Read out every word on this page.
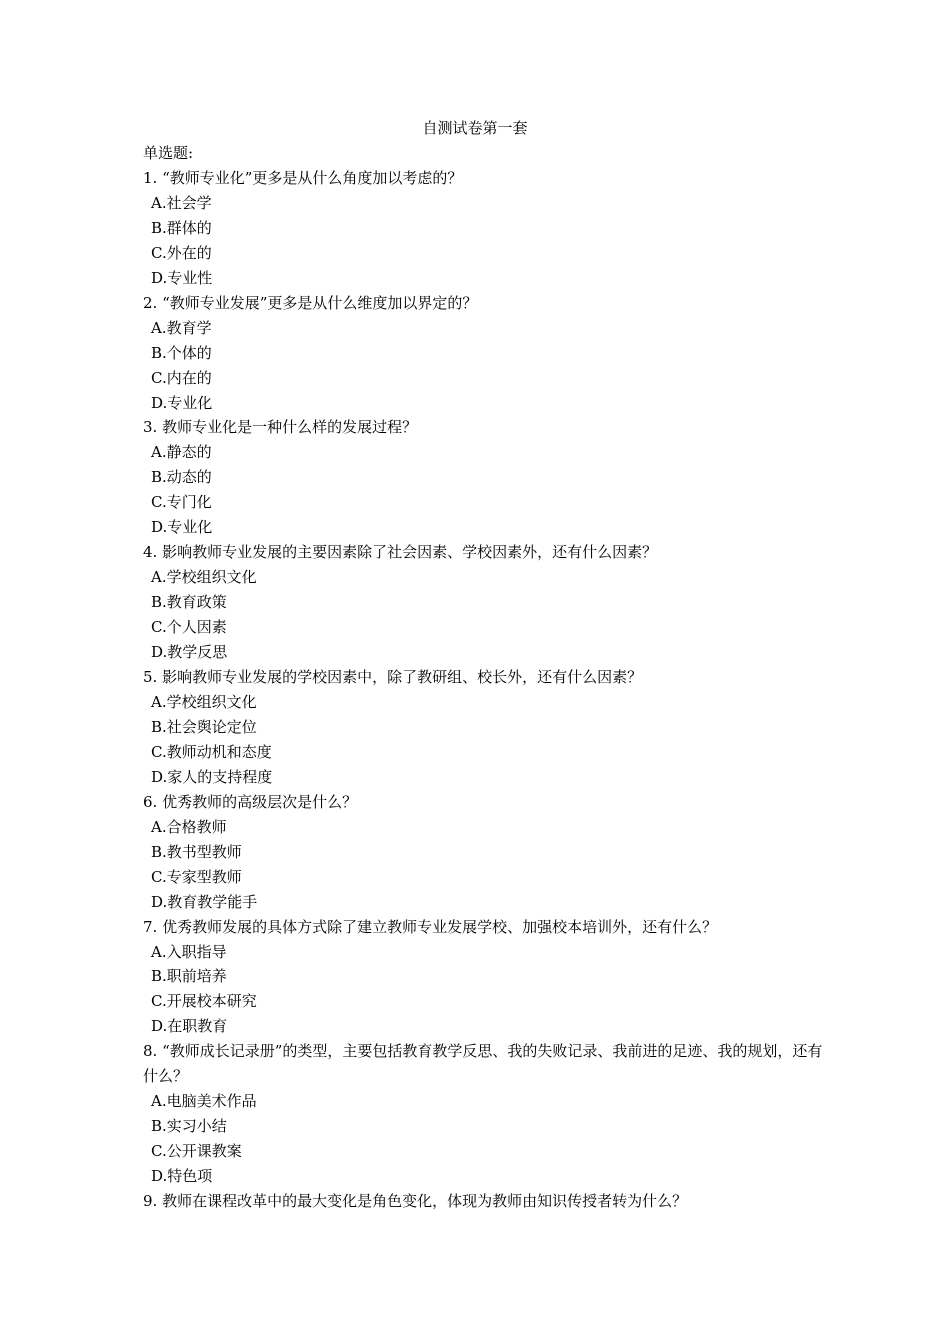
自测试卷第一套
单选题:
1. “教师专业化”更多是从什么角度加以考虑的？
A.社会学
B.群体的
C.外在的
D.专业性
2. “教师专业发展”更多是从什么维度加以界定的？
A.教育学
B.个体的
C.内在的
D.专业化
3. 教师专业化是一种什么样的发展过程？
A.静态的
B.动态的
C.专门化
D.专业化
4. 影响教师专业发展的主要因素除了社会因素、学校因素外，还有什么因素？
A.学校组织文化
B.教育政策
C.个人因素
D.教学反思
5. 影响教师专业发展的学校因素中，除了教研组、校长外，还有什么因素？
A.学校组织文化
B.社会舆论定位
C.教师动机和态度
D.家人的支持程度
6. 优秀教师的高级层次是什么？
A.合格教师
B.教书型教师
C.专家型教师
D.教育教学能手
7. 优秀教师发展的具体方式除了建立教师专业发展学校、加强校本培训外，还有什么？
A.入职指导
B.职前培养
C.开展校本研究
D.在职教育
8. “教师成长记录册”的类型，主要包括教育教学反思、我的失败记录、我前进的足迹、我的规划，还有什么？
A.电脑美术作品
B.实习小结
C.公开课教案
D.特色项
9. 教师在课程改革中的最大变化是角色变化，体现为教师由知识传授者转为什么？
